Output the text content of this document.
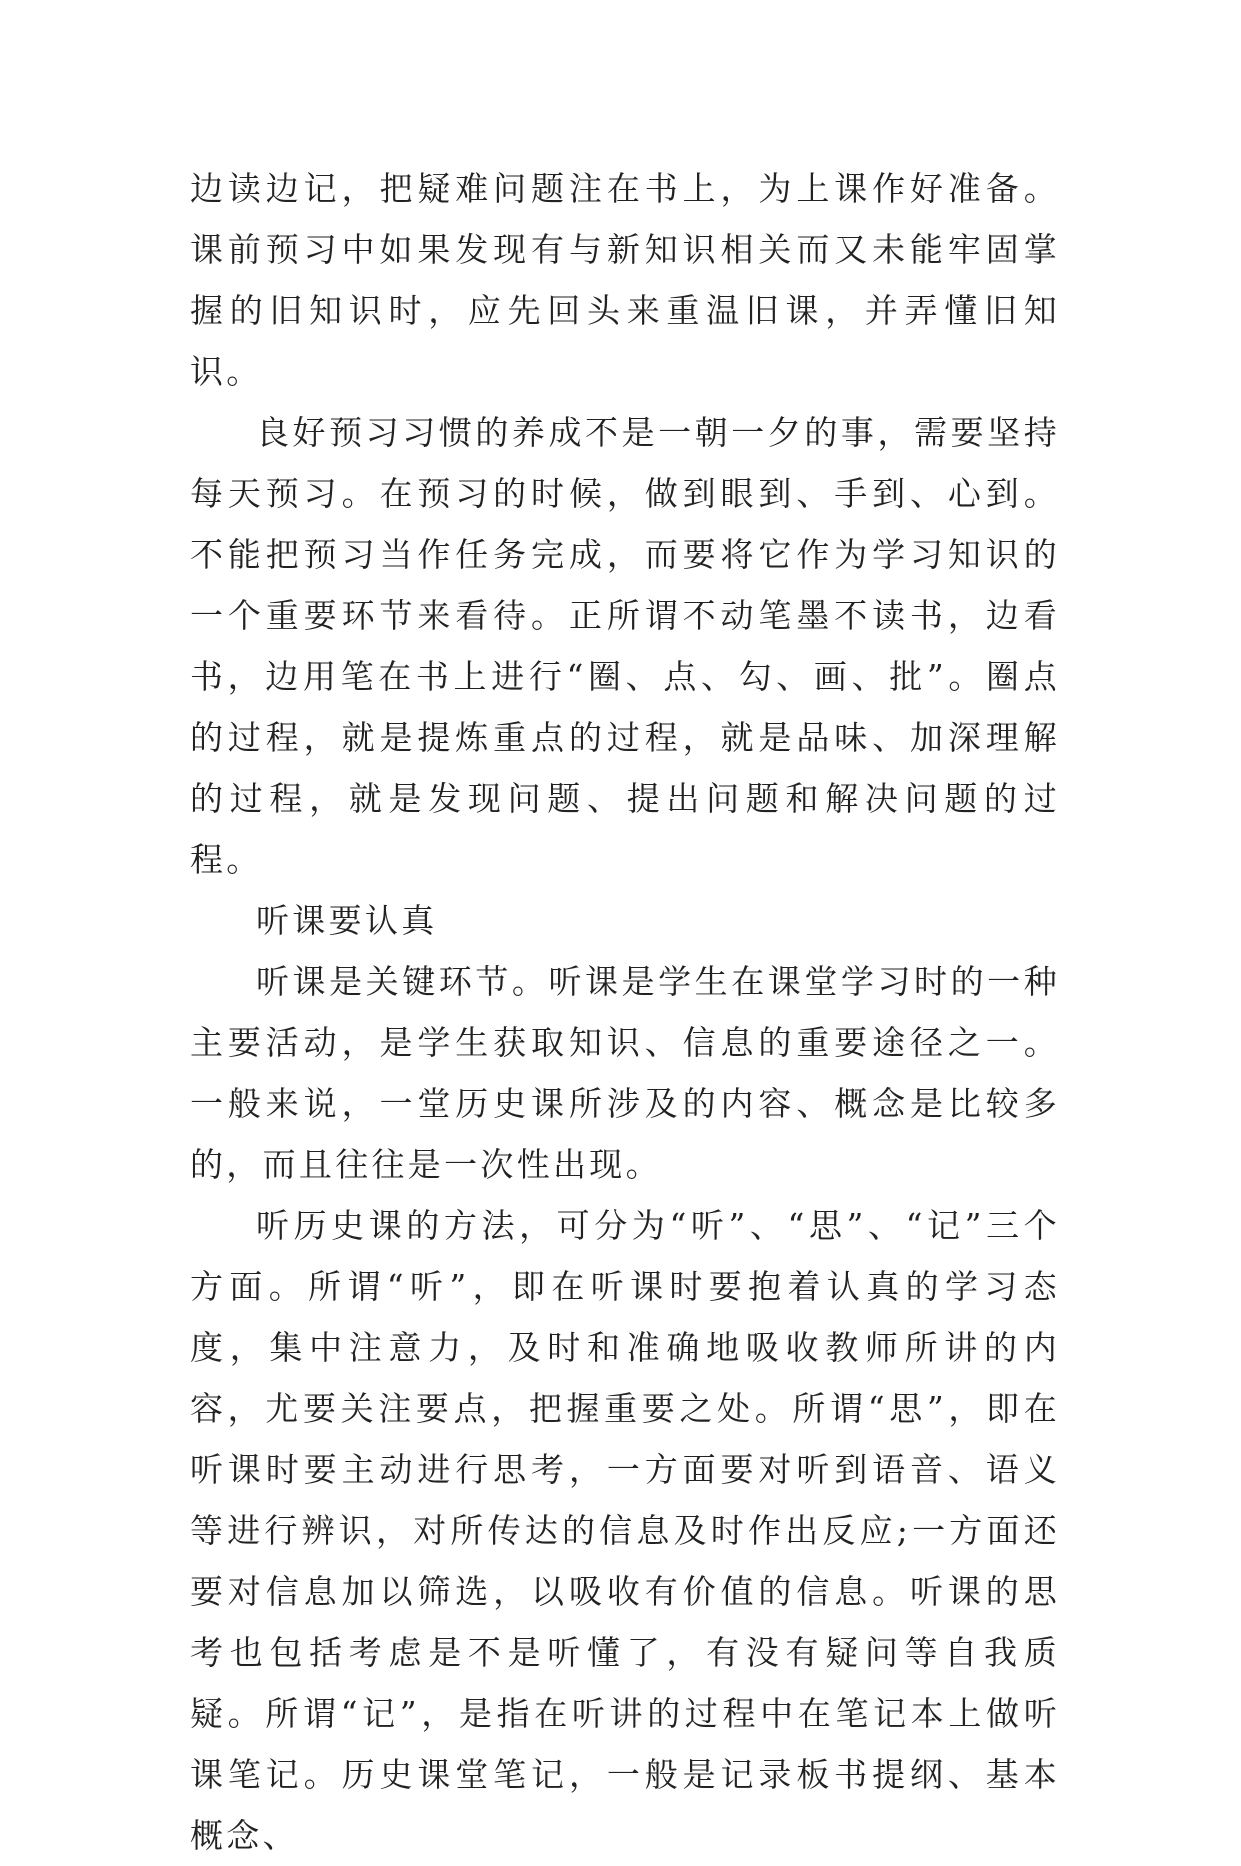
边读边记，把疑难问题注在书上，为上课作好准备。课前预习中如果发现有与新知识相关而又未能牢固掌握的旧知识时，应先回头来重温旧课，并弄懂旧知识。

良好预习习惯的养成不是一朝一夕的事，需要坚持每天预习。在预习的时候，做到眼到、手到、心到。不能把预习当作任务完成，而要将它作为学习知识的一个重要环节来看待。正所谓不动笔墨不读书，边看书，边用笔在书上进行“圈、点、勾、画、批”。圈点的过程，就是提炼重点的过程，就是品味、加深理解的过程，就是发现问题、提出问题和解决问题的过程。

听课要认真

听课是关键环节。听课是学生在课堂学习时的一种主要活动，是学生获取知识、信息的重要途径之一。一般来说，一堂历史课所涉及的内容、概念是比较多的，而且往往是一次性出现。

听历史课的方法，可分为“听”、“思”、“记”三个方面。所谓“听”，即在听课时要抱着认真的学习态度，集中注意力，及时和准确地吸收教师所讲的内容，尤要关注要点，把握重要之处。所谓“思”，即在听课时要主动进行思考，一方面要对听到语音、语义等进行辨识，对所传达的信息及时作出反应;一方面还要对信息加以筛选，以吸收有价值的信息。听课的思考也包括考虑是不是听懂了，有没有疑问等自我质疑。所谓“记”，是指在听讲的过程中在笔记本上做听课笔记。历史课堂笔记，一般是记录板书提纲、基本概念、
